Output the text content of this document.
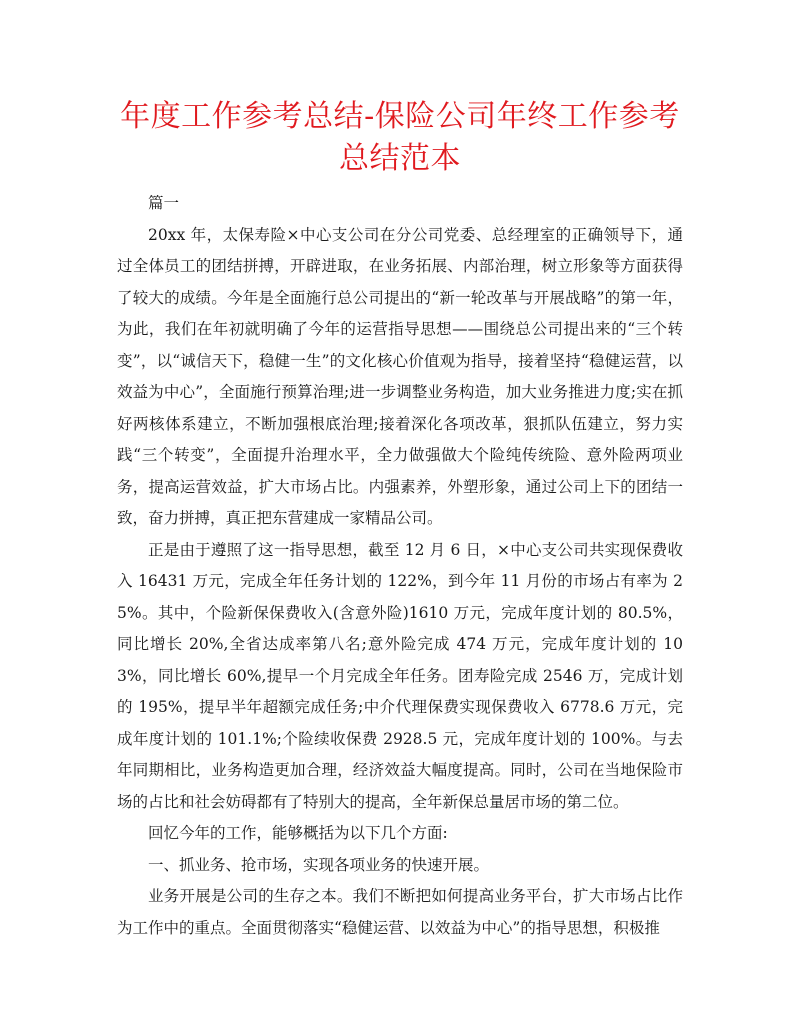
年度工作参考总结-保险公司年终工作参考总结范本

篇一

20xx 年，太保寿险×中心支公司在分公司党委、总经理室的正确领导下，通过全体员工的团结拼搏，开辟进取，在业务拓展、内部治理，树立形象等方面获得了较大的成绩。今年是全面施行总公司提出的“新一轮改革与开展战略”的第一年，为此，我们在年初就明确了今年的运营指导思想——围绕总公司提出来的“三个转变”，以“诚信天下，稳健一生”的文化核心价值观为指导，接着坚持“稳健运营，以效益为中心”，全面施行预算治理;进一步调整业务构造，加大业务推进力度;实在抓好两核体系建立，不断加强根底治理;接着深化各项改革，狠抓队伍建立，努力实践“三个转变”，全面提升治理水平，全力做强做大个险纯传统险、意外险两项业务，提高运营效益，扩大市场占比。内强素养，外塑形象，通过公司上下的团结一致，奋力拼搏，真正把东营建成一家精品公司。

正是由于遵照了这一指导思想，截至 12 月 6 日，×中心支公司共实现保费收入 16431 万元，完成全年任务计划的 122%，到今年 11 月份的市场占有率为 25%。其中，个险新保保费收入(含意外险)1610 万元，完成年度计划的 80.5%，同比增长 20%,全省达成率第八名;意外险完成 474 万元，完成年度计划的 103%，同比增长 60%,提早一个月完成全年任务。团寿险完成 2546 万，完成计划的 195%，提早半年超额完成任务;中介代理保费实现保费收入 6778.6 万元，完成年度计划的 101.1%;个险续收保费 2928.5 元，完成年度计划的 100%。与去年同期相比，业务构造更加合理，经济效益大幅度提高。同时，公司在当地保险市场的占比和社会妨碍都有了特别大的提高，全年新保总量居市场的第二位。

回忆今年的工作，能够概括为以下几个方面:

一、抓业务、抢市场，实现各项业务的快速开展。

业务开展是公司的生存之本。我们不断把如何提高业务平台，扩大市场占比作为工作中的重点。全面贯彻落实“稳健运营、以效益为中心”的指导思想，积极推
